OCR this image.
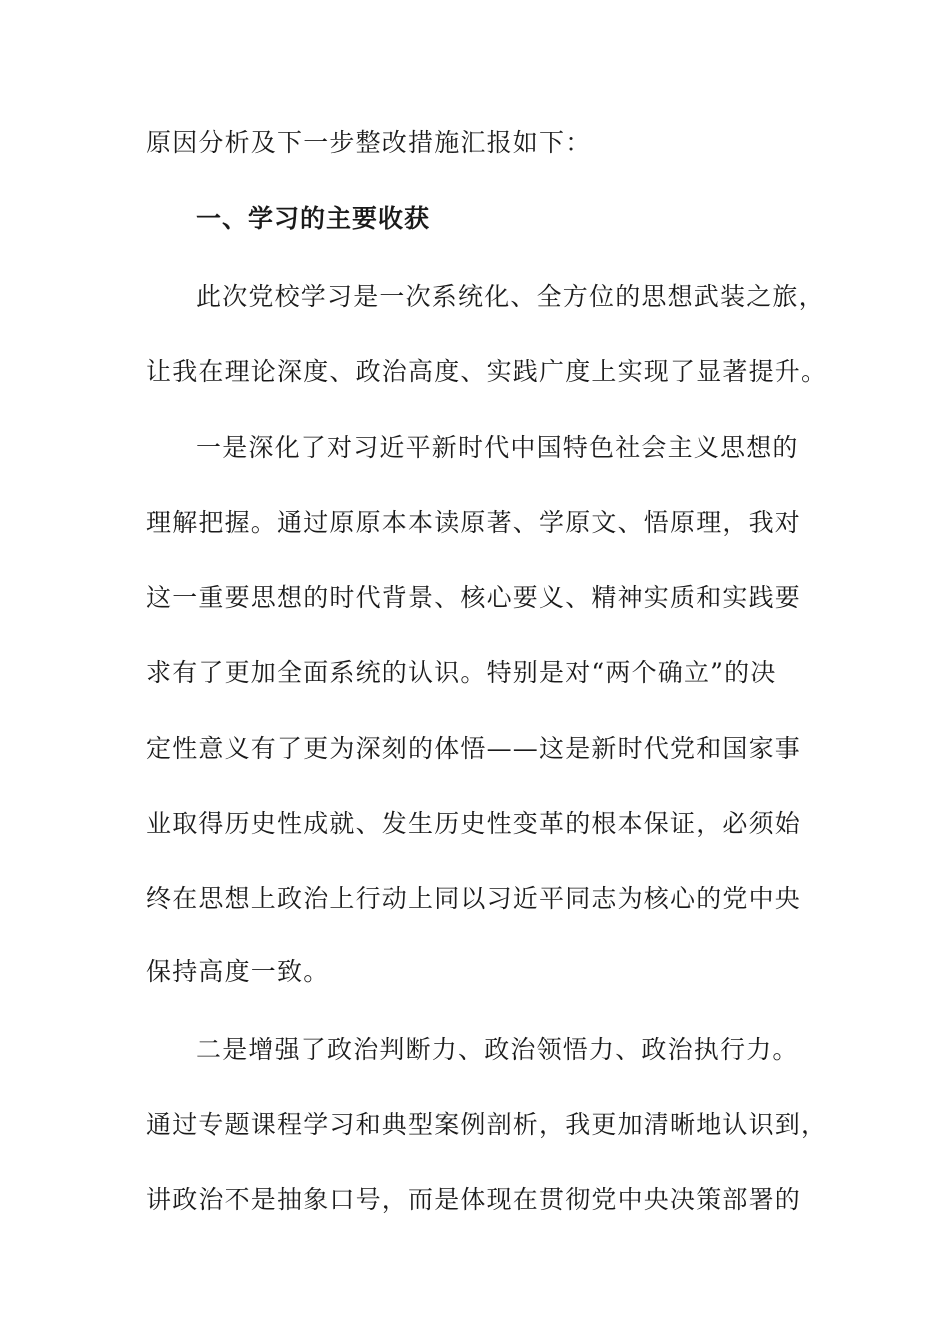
原因分析及下一步整改措施汇报如下：
一、学习的主要收获
此次党校学习是一次系统化、全方位的思想武装之旅，
让我在理论深度、政治高度、实践广度上实现了显著提升。
一是深化了对习近平新时代中国特色社会主义思想的
理解把握。通过原原本本读原著、学原文、悟原理，我对
这一重要思想的时代背景、核心要义、精神实质和实践要
求有了更加全面系统的认识。特别是对“两个确立”的决
定性意义有了更为深刻的体悟——这是新时代党和国家事
业取得历史性成就、发生历史性变革的根本保证，必须始
终在思想上政治上行动上同以习近平同志为核心的党中央
保持高度一致。
二是增强了政治判断力、政治领悟力、政治执行力。
通过专题课程学习和典型案例剖析，我更加清晰地认识到，
讲政治不是抽象口号，而是体现在贯彻党中央决策部署的
